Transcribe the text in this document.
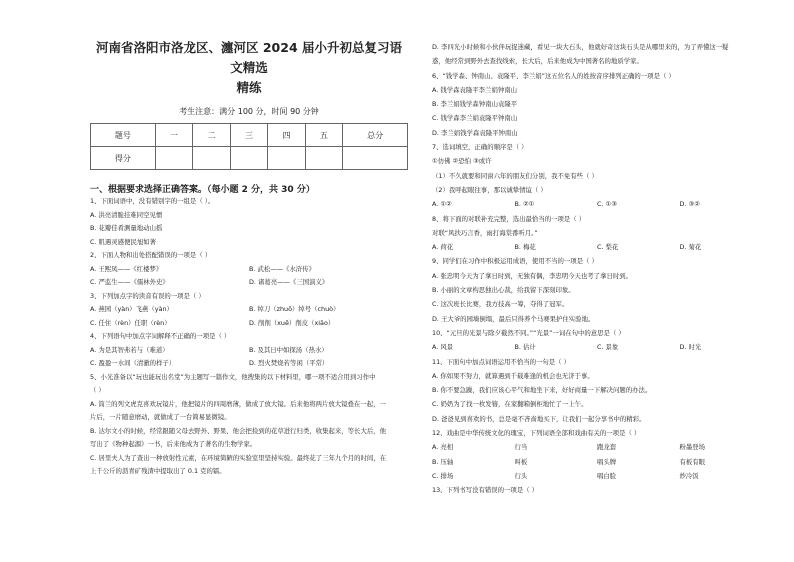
河南省洛阳市洛龙区、瀍河区 2024 届小升初总复习语文精选
精练
考生注意：满分 100 分，时间 90 分钟
题号	一	二	三	四	五	总分
得分						
一、根据要求选择正确答案。（每小题 2 分，共 30 分）
1、下面词语中，没有错别字的一组是（ ）。
A. 洪亮清脆挂难同空见惯
B. 花瓣佳肴测量地动山摇
C. 肌遇灵感便民旭如著
2、下面人物和出处搭配错误的一项是（ ）
A. 王熙凤——《红楼梦》	B. 武松——《水浒传》
C. 严监生——《儒林外史》	D. 诸葛亮——《三国演义》
3、下列加点字的读音有误的一项是（ ）
A. 燕园（yàn）飞燕（yàn）	B. 绰刀（zhuō）绰号（chuò）
C. 任住（rèn）任职（rèn）	D. 削削（xuē）削皮（xiāo）
4、下列语句中加点字词解释不正确的一项是（ ）
A. 为是其智弗若与（难道）	B. 及其日中如探汤（热水）
C. 盈盈一水间（清澈的样子）	D. 烈火焚烧若等闲（平常）
5、小光准备以“玩也能玩出名堂”为主题写一篇作文，他搜集的以下材料里，哪一项不适合用到习作中
（ ）
A. 筒兰的列文虎克喜欢玩镜片，他把镜片的四周磨薄，做成了放大镜。后来他将两片放大镜叠在一起，一
片后，一片随意磨动，就做成了一台简易显微镜。
B. 达尔文小的时候，经常跟随父母去野外、野果、他会把捡到的花草进行归类，收集起来，等长大后，他
写出了《物种起源》一书，后来他成为了著名的生物学家。
C. 居里夫人为了查出一种放射性元素，在环境简陋的实验室里坚持实验。最终花了三年九个月的时间，在
上千公斤的沥青矿残渣中提取出了 0.1 克的镭。
D. 李四光小时候和小伙伴玩捉迷藏，看见一块大石头，他就好奇这块石头是从哪里来的，为了弄懂这一疑
惑，他经常到野外去查找线索，长大后，后来他成为中国著名的地质学家。
6、“钱学森、钟南山、袁隆平、李兰娟”这五位名人的姓按音序排列正确的一项是（ ）
A. 钱学森袁隆平李兰娟钟南山
B. 李兰娟钱学森钟南山袁隆平
C. 钱学森李兰娟袁隆平钟南山
D. 李兰娟钱学森袁隆平钟南山
7、选词填空，正确的顺序是（ ）
①仿佛 ②恐怕 ③或许
（1）不久就要和同窗六年的朋友们分别，我不免有些（ ）
（2）我呼起眼往事，那以诚挚情谊（ ）
A. ①②	B. ②①	C. ①③	D. ③②
8、将下面的对联补充完整，选出最恰当的一项是（ ）
对联“风扶巧言香，雨打海棠番听月。”
A. 荷花	B. 梅花	C. 梨花	D. 菊花
9、同学们在习作中积极运用成语，使用不当的一项是（ ）
A. 张忠明今天为了拿日时到，无独有偶，李忠明今天也考了拿日时到。
B. 小丽的文章构思独出心裁，给我留下深刻印象。
C. 这次班长比赛，我方技高一筹，夺得了冠军。
D. 王大爷的园墙倒塌，最后只得养个马赛果护住实验地。
10、“元旦的光景与除夕截然不同。”“光景”一词在句中的意思是（ ）
A. 风景	B. 估计	C. 景象	D. 时光
11、下面句中加点词语运用不恰当的一句是（ ）
A. 你如果不努力，就算遇到千载难逢的机会也无济于事。
B. 你不要急躁，我们应该心平气和地坐下来，好好商量一下解决问题的办法。
C. 奶奶为了找一枚发簪，在家翻箱倒柜地忙了一上午。
D. 爸爸见到喜欢的书，总是毫不吝啬地买下，让我们一起分享书中的精彩。
12、戏曲是中华传统文化的瑰宝，下列词语全部和戏曲有关的一项是（ ）
A. 亮相	行当	跑龙套	粉墨登场
B. 压轴	叫板	唱头牌	有板有眼
C. 排场	行头	唱白脸	炒冷饭
13、下列书写没有错误的一项是（ ）
